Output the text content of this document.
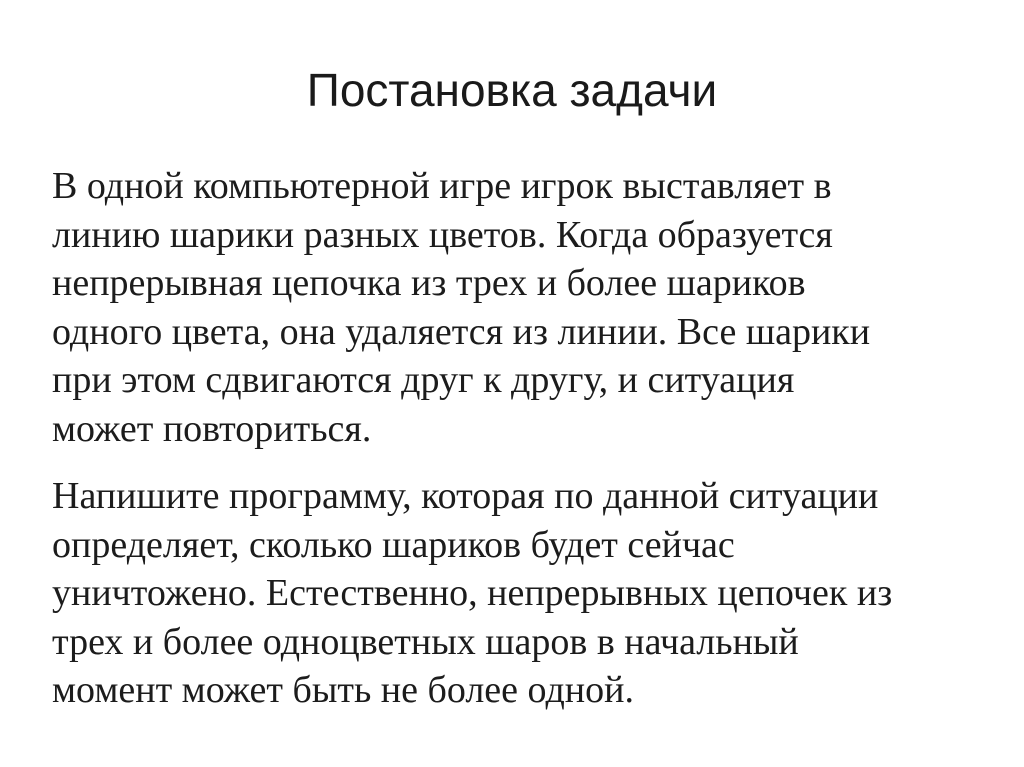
Постановка задачи

В одной компьютерной игре игрок выставляет в
линию шарики разных цветов. Когда образуется
непрерывная цепочка из трех и более шариков
одного цвета, она удаляется из линии. Все шарики
при этом сдвигаются друг к другу, и ситуация
может повториться.

Напишите программу, которая по данной ситуации
определяет, сколько шариков будет сейчас
уничтожено. Естественно, непрерывных цепочек из
трех и более одноцветных шаров в начальный
момент может быть не более одной.
